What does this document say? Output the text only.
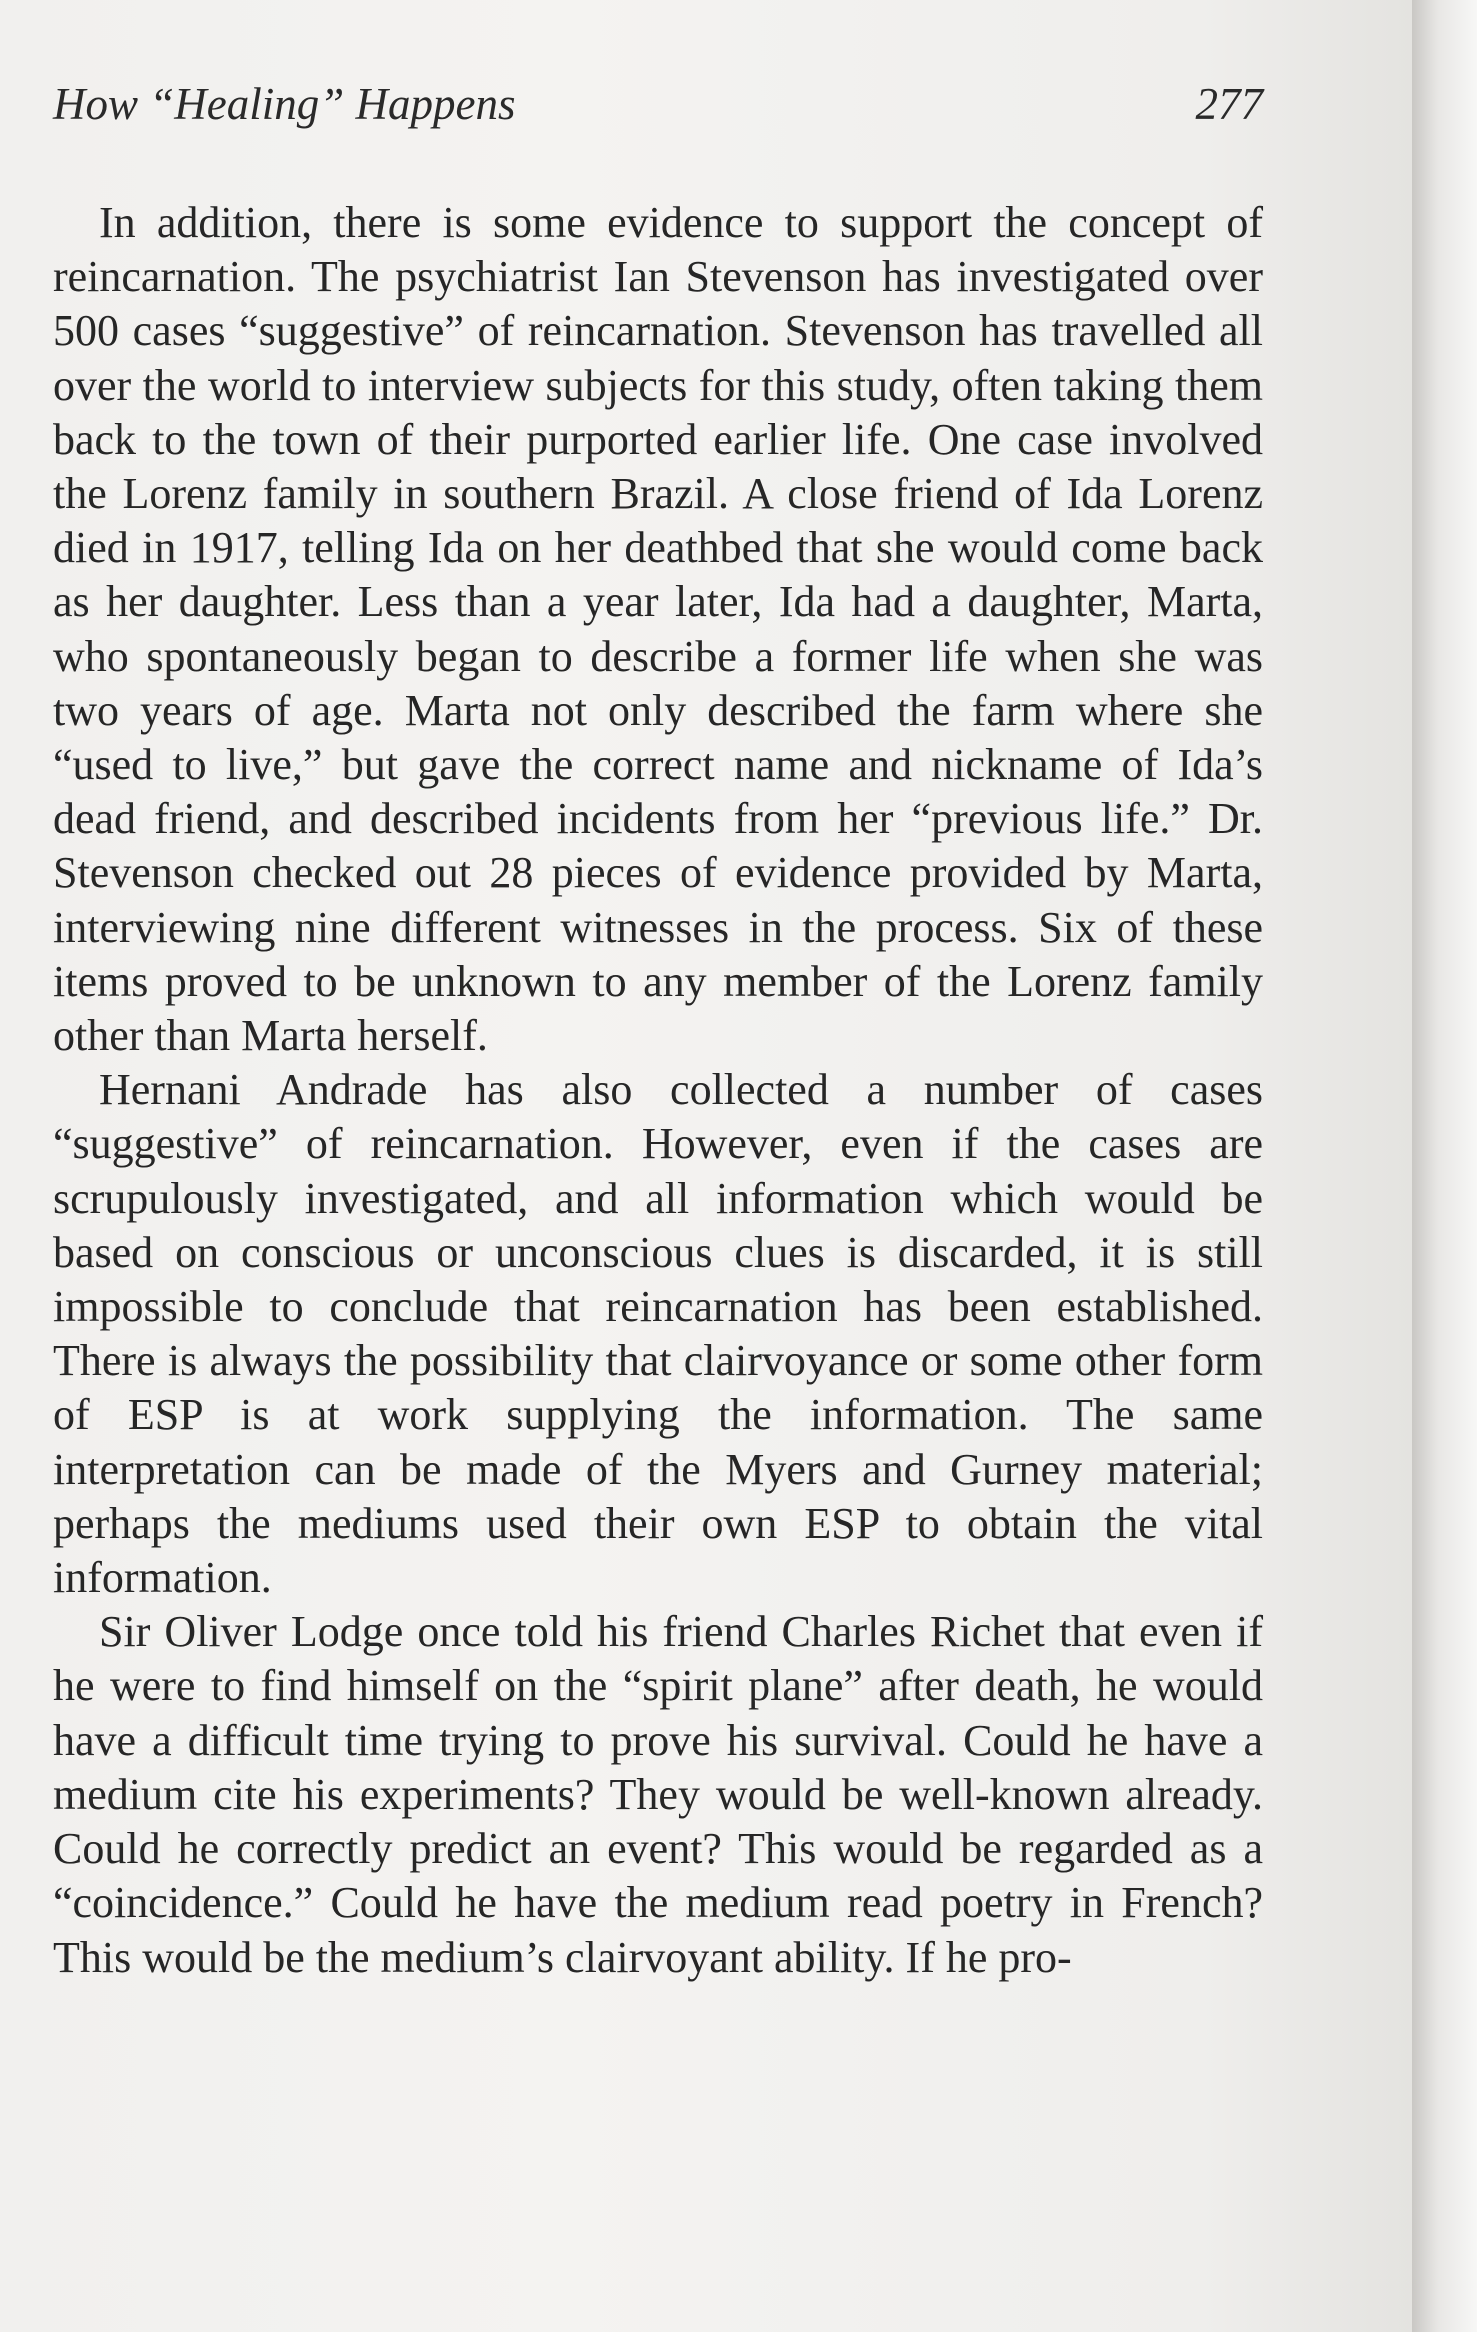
How “Healing” Happens	277

In addition, there is some evidence to support the concept of reincarnation. The psychiatrist Ian Stevenson has investigated over 500 cases “suggestive” of reincarnation. Stevenson has travelled all over the world to interview subjects for this study, often taking them back to the town of their purported earlier life. One case involved the Lorenz family in southern Brazil. A close friend of Ida Lorenz died in 1917, telling Ida on her deathbed that she would come back as her daughter. Less than a year later, Ida had a daughter, Marta, who spontaneously began to describe a former life when she was two years of age. Marta not only described the farm where she “used to live,” but gave the correct name and nickname of Ida’s dead friend, and described incidents from her “previous life.” Dr. Stevenson checked out 28 pieces of evidence provided by Marta, interviewing nine different witnesses in the process. Six of these items proved to be unknown to any member of the Lorenz family other than Marta herself.

Hernani Andrade has also collected a number of cases “suggestive” of reincarnation. However, even if the cases are scrupulously investigated, and all information which would be based on conscious or unconscious clues is discarded, it is still impossible to conclude that reincarnation has been established. There is always the possibility that clairvoyance or some other form of ESP is at work supplying the information. The same interpretation can be made of the Myers and Gurney material; perhaps the mediums used their own ESP to obtain the vital information.

Sir Oliver Lodge once told his friend Charles Richet that even if he were to find himself on the “spirit plane” after death, he would have a difficult time trying to prove his survival. Could he have a medium cite his experiments? They would be well-known already. Could he correctly predict an event? This would be regarded as a “coincidence.” Could he have the medium read poetry in French? This would be the medium’s clairvoyant ability. If he pro-
